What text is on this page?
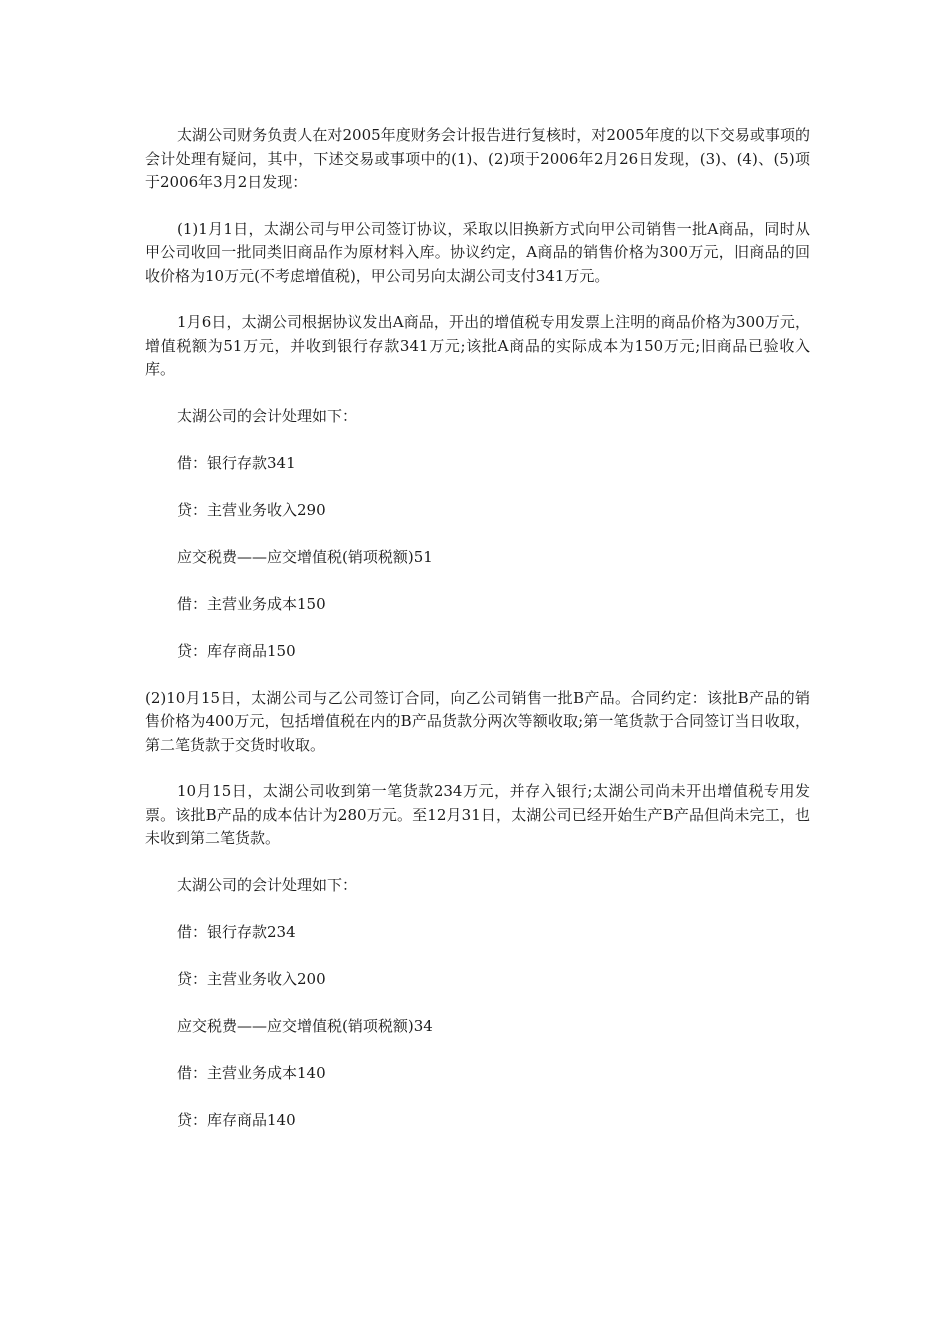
太湖公司财务负责人在对2005年度财务会计报告进行复核时，对2005年度的以下交易或事项的会计处理有疑问，其中，下述交易或事项中的(1)、(2)项于2006年2月26日发现，(3)、(4)、(5)项于2006年3月2日发现：

(1)1月1日，太湖公司与甲公司签订协议，采取以旧换新方式向甲公司销售一批A商品，同时从甲公司收回一批同类旧商品作为原材料入库。协议约定，A商品的销售价格为300万元，旧商品的回收价格为10万元(不考虑增值税)，甲公司另向太湖公司支付341万元。

1月6日，太湖公司根据协议发出A商品，开出的增值税专用发票上注明的商品价格为300万元，增值税额为51万元，并收到银行存款341万元;该批A商品的实际成本为150万元;旧商品已验收入库。

太湖公司的会计处理如下：

借：银行存款341

贷：主营业务收入290

应交税费——应交增值税(销项税额)51

借：主营业务成本150

贷：库存商品150

(2)10月15日，太湖公司与乙公司签订合同，向乙公司销售一批B产品。合同约定：该批B产品的销售价格为400万元，包括增值税在内的B产品货款分两次等额收取;第一笔货款于合同签订当日收取，第二笔货款于交货时收取。

10月15日，太湖公司收到第一笔货款234万元，并存入银行;太湖公司尚未开出增值税专用发票。该批B产品的成本估计为280万元。至12月31日，太湖公司已经开始生产B产品但尚未完工，也未收到第二笔货款。

太湖公司的会计处理如下：

借：银行存款234

贷：主营业务收入200

应交税费——应交增值税(销项税额)34

借：主营业务成本140

贷：库存商品140
